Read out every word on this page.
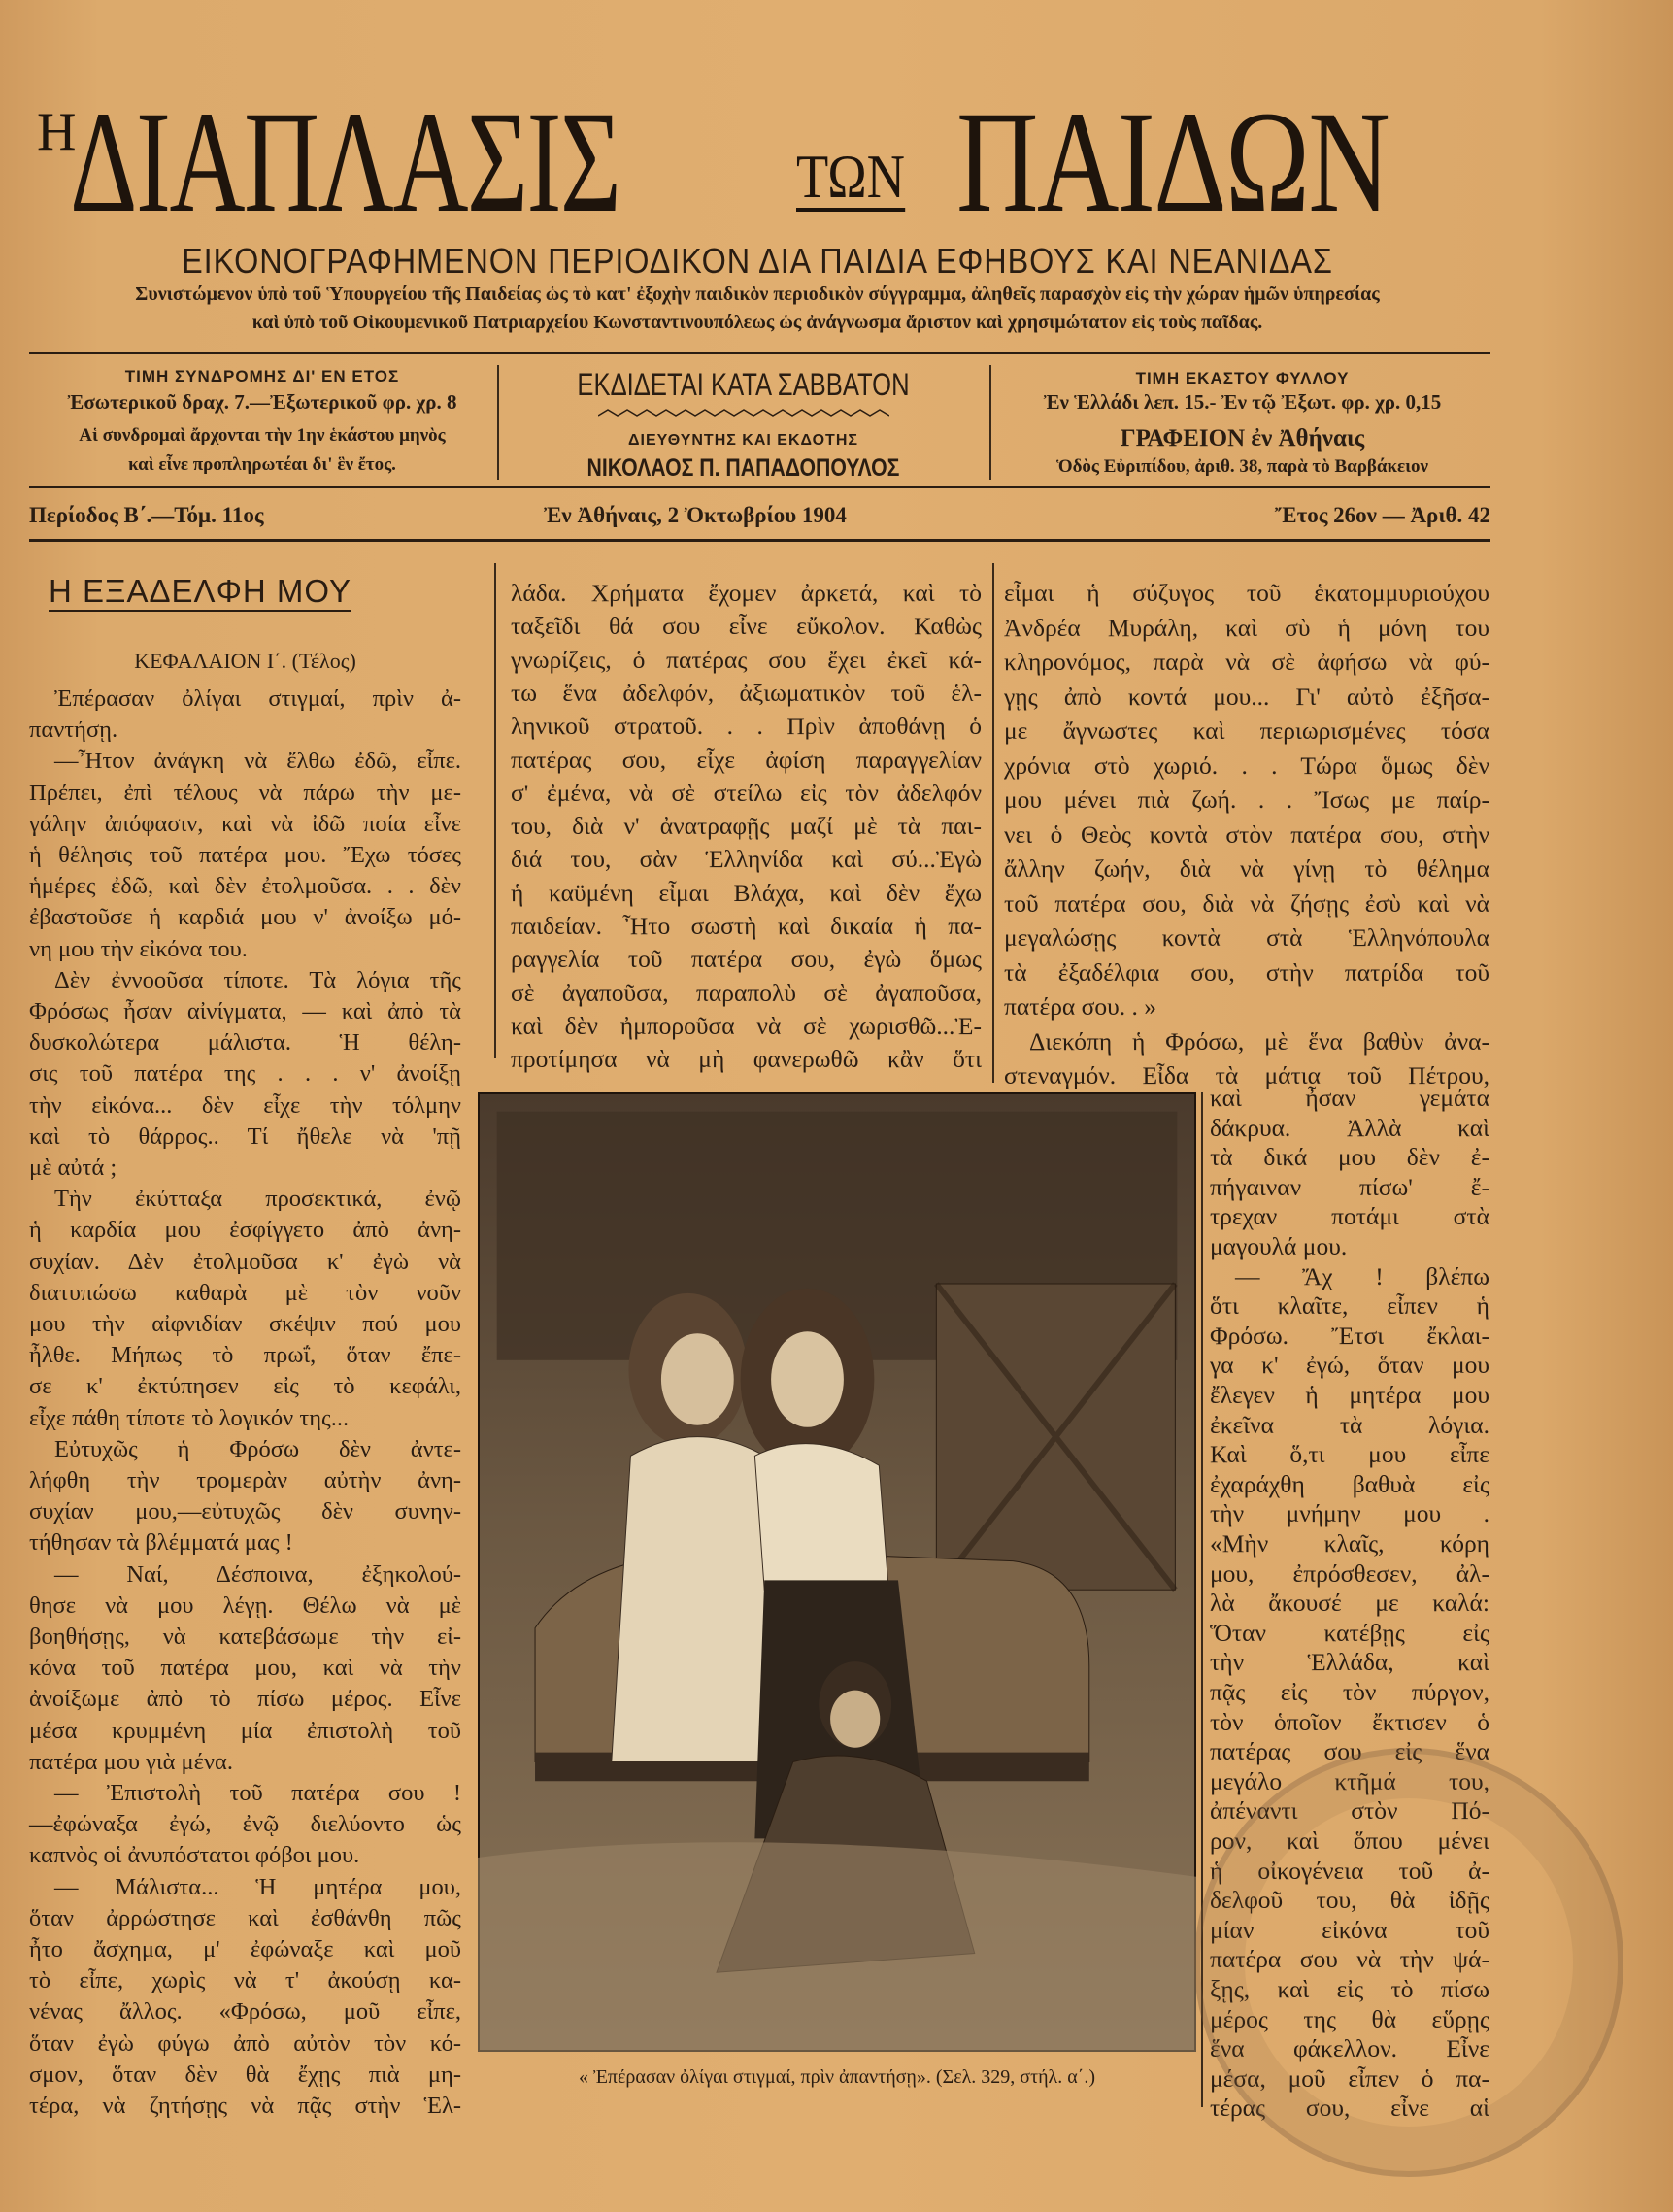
Η
ΔΙΑΠΛΑΣΙΣ	ΤΩΝ ΠΑΙΔΩΝ
ΕΙΚΟΝΟΓΡΑΦΗΜΕΝΟΝ ΠΕΡΙΟΔΙΚΟΝ ΔΙΑ ΠΑΙΔΙΑ ΕΦΗΒΟΥΣ ΚΑΙ ΝΕΑΝΙΔΑΣ
Συνιστώμενον ὑπὸ τοῦ Ὑπουργείου τῆς Παιδείας ὡς τὸ κατ' ἐξοχὴν παιδικὸν περιοδικὸν σύγγραμμα, ἀληθεῖς παρασχὸν εἰς τὴν χώραν ἡμῶν ὑπηρεσίας
καὶ ὑπὸ τοῦ Οἰκουμενικοῦ Πατριαρχείου Κωνσταντινουπόλεως ὡς ἀνάγνωσμα ἄριστον καὶ χρησιμώτατον εἰς τοὺς παῖδας.
ΤΙΜΗ ΣΥΝΔΡΟΜΗΣ ΔΙ' ΕΝ ΕΤΟΣ
Ἐσωτερικοῦ δραχ. 7.—Ἐξωτερικοῦ φρ. χρ. 8
Αἱ συνδρομαὶ ἄρχονται τὴν 1ην ἑκάστου μηνὸς
καὶ εἶνε προπληρωτέαι δι' ἓν ἔτος.
ΕΚΔΙΔΕΤΑΙ ΚΑΤΑ ΣΑΒΒΑΤΟΝ
ΔΙΕΥΘΥΝΤΗΣ ΚΑΙ ΕΚΔΟΤΗΣ
ΝΙΚΟΛΑΟΣ Π. ΠΑΠΑΔΟΠΟΥΛΟΣ
ΤΙΜΗ ΕΚΑΣΤΟΥ ΦΥΛΛΟΥ
Ἐν Ἑλλάδι λεπ. 15.- Ἐν τῷ Ἐξωτ. φρ. χρ. 0,15
ΓΡΑΦΕΙΟΝ ἐν Ἀθήναις
Ὁδὸς Εὐριπίδου, ἀριθ. 38, παρὰ τὸ Βαρβάκειον
Περίοδος Β΄.—Τόμ. 11ος	Ἐν Ἀθήναις, 2 Ὀκτωβρίου 1904	Ἔτος 26ον — Ἀριθ. 42
Η ΕΞΑΔΕΛΦΗ ΜΟΥ
ΚΕΦΑΛΑΙΟΝ Ι΄. (Τέλος)
Ἐπέρασαν ὀλίγαι στιγμαί, πρὶν ἀ-
παντήσῃ.
—Ἦτον ἀνάγκη νὰ ἔλθω ἐδῶ, εἶπε.
Πρέπει, ἐπὶ τέλους νὰ πάρω τὴν με-
γάλην ἀπόφασιν, καὶ νὰ ἰδῶ ποία εἶνε
ἡ θέλησις τοῦ πατέρα μου. Ἔχω τόσες
ἡμέρες ἐδῶ, καὶ δὲν ἐτολμοῦσα. . . δὲν
ἐβαστοῦσε ἡ καρδιά μου ν' ἀνοίξω μό-
νη μου τὴν εἰκόνα του.
Δὲν ἐννοοῦσα τίποτε. Τὰ λόγια τῆς
Φρόσως ἦσαν αἰνίγματα, — καὶ ἀπὸ τὰ
δυσκολώτερα μάλιστα. Ἡ θέλη-
σις τοῦ πατέρα της . . . ν' ἀνοίξῃ
τὴν εἰκόνα... δὲν εἶχε τὴν τόλμην
καὶ τὸ θάρρος.. Τί ἤθελε νὰ 'πῇ
μὲ αὐτά ;
Τὴν ἐκύτταξα προσεκτικά, ἐνῷ
ἡ καρδία μου ἐσφίγγετο ἀπὸ ἀνη-
συχίαν. Δὲν ἐτολμοῦσα κ' ἐγὼ νὰ
διατυπώσω καθαρὰ μὲ τὸν νοῦν
μου τὴν αἰφνιδίαν σκέψιν πού μου
ἦλθε. Μήπως τὸ πρωΐ, ὅταν ἔπε-
σε κ' ἐκτύπησεν εἰς τὸ κεφάλι,
εἶχε πάθη τίποτε τὸ λογικόν της...
Εὐτυχῶς ἡ Φρόσω δὲν ἀντε-
λήφθη τὴν τρομερὰν αὐτὴν ἀνη-
συχίαν μου,—εὐτυχῶς δὲν συνην-
τήθησαν τὰ βλέμματά μας !
— Ναί, Δέσποινα, ἐξηκολού-
θησε νὰ μου λέγῃ. Θέλω νὰ μὲ
βοηθήσῃς, νὰ κατεβάσωμε τὴν εἰ-
κόνα τοῦ πατέρα μου, καὶ νὰ τὴν
ἀνοίξωμε ἀπὸ τὸ πίσω μέρος. Εἶνε
μέσα κρυμμένη μία ἐπιστολὴ τοῦ
πατέρα μου γιὰ μένα.
— Ἐπιστολὴ τοῦ πατέρα σου !
—ἐφώναξα ἐγώ, ἐνῷ διελύοντο ὡς
καπνὸς οἱ ἀνυπόστατοι φόβοι μου.
— Μάλιστα... Ἡ μητέρα μου,
ὅταν ἀρρώστησε καὶ ἐσθάνθη πῶς
ἦτο ἄσχημα, μ' ἐφώναξε καὶ μοῦ
τὸ εἶπε, χωρὶς νὰ τ' ἀκούσῃ κα-
νένας ἄλλος. «Φρόσω, μοῦ εἶπε,
ὅταν ἐγὼ φύγω ἀπὸ αὐτὸν τὸν κό-
σμον, ὅταν δὲν θὰ ἔχῃς πιὰ μη-
τέρα, νὰ ζητήσῃς νὰ πᾷς στὴν Ἑλ-
λάδα. Χρήματα ἔχομεν ἀρκετά, καὶ τὸ
ταξεῖδι θά σου εἶνε εὔκολον. Καθὼς
γνωρίζεις, ὁ πατέρας σου ἔχει ἐκεῖ κά-
τω ἕνα ἀδελφόν, ἀξιωματικὸν τοῦ ἑλ-
ληνικοῦ στρατοῦ. . . Πρὶν ἀποθάνῃ ὁ
πατέρας σου, εἶχε ἀφίση παραγγελίαν
σ' ἐμένα, νὰ σὲ στείλω εἰς τὸν ἀδελφόν
του, διὰ ν' ἀνατραφῇς μαζί μὲ τὰ παι-
διά του, σὰν Ἑλληνίδα καὶ σύ...Ἐγὼ
ἡ καϋμένη εἶμαι Βλάχα, καὶ δὲν ἔχω
παιδείαν. Ἦτο σωστὴ καὶ δικαία ἡ πα-
ραγγελία τοῦ πατέρα σου, ἐγὼ ὅμως
σὲ ἀγαποῦσα, παραπολὺ σὲ ἀγαποῦσα,
καὶ δὲν ἠμποροῦσα νὰ σὲ χωρισθῶ...Ἐ-
προτίμησα νὰ μὴ φανερωθῶ κἂν ὅτι
εἶμαι ἡ σύζυγος τοῦ ἑκατομμυριούχου
Ἀνδρέα Μυράλη, καὶ σὺ ἡ μόνη του
κληρονόμος, παρὰ νὰ σὲ ἀφήσω νὰ φύ-
γῃς ἀπὸ κοντά μου... Γι' αὐτὸ ἐξῆσα-
με ἄγνωστες καὶ περιωρισμένες τόσα
χρόνια στὸ χωριό. . . Τώρα ὅμως δὲν
μου μένει πιὰ ζωή. . . Ἴσως με παίρ-
νει ὁ Θεὸς κοντὰ στὸν πατέρα σου, στὴν
ἄλλην ζωήν, διὰ νὰ γίνῃ τὸ θέλημα
τοῦ πατέρα σου, διὰ νὰ ζήσῃς ἐσὺ καὶ νὰ
μεγαλώσῃς κοντὰ στὰ Ἑλληνόπουλα
τὰ ἐξαδέλφια σου, στὴν πατρίδα τοῦ
πατέρα σου. . »
Διεκόπη ἡ Φρόσω, μὲ ἕνα βαθὺν ἀνα-
στεναγμόν. Εἶδα τὰ μάτια τοῦ Πέτρου,
καὶ ἦσαν γεμάτα
δάκρυα. Ἀλλὰ καὶ
τὰ δικά μου δὲν ἐ-
πήγαιναν πίσω' ἔ-
τρεχαν ποτάμι στὰ
μαγουλά μου.
— Ἄχ ! βλέπω
ὅτι κλαῖτε, εἶπεν ἡ
Φρόσω. Ἔτσι ἔκλαι-
γα κ' ἐγώ, ὅταν μου
ἔλεγεν ἡ μητέρα μου
ἐκεῖνα τὰ λόγια.
Καὶ ὅ,τι μου εἶπε
ἐχαράχθη βαθυὰ εἰς
τὴν μνήμην μου .
«Μὴν κλαῖς, κόρη
μου, ἐπρόσθεσεν, ἀλ-
λὰ ἄκουσέ με καλά:
Ὅταν κατέβῃς εἰς
τὴν Ἑλλάδα, καὶ
πᾷς εἰς τὸν πύργον,
τὸν ὁποῖον ἔκτισεν ὁ
πατέρας σου εἰς ἕνα
μεγάλο κτῆμά του,
ἀπέναντι στὸν Πό-
ρον, καὶ ὅπου μένει
ἡ οἰκογένεια τοῦ ἀ-
δελφοῦ του, θὰ ἰδῇς
μίαν εἰκόνα τοῦ
πατέρα σου νὰ τὴν ψά-
ξῃς, καὶ εἰς τὸ πίσω
μέρος της θὰ εὕρῃς
ἕνα φάκελλον. Εἶνε
μέσα, μοῦ εἶπεν ὁ πα-
τέρας σου, εἶνε αἱ
« Ἐπέρασαν ὀλίγαι στιγμαί, πρὶν ἀπαντήσῃ». (Σελ. 329, στήλ. α΄.)
